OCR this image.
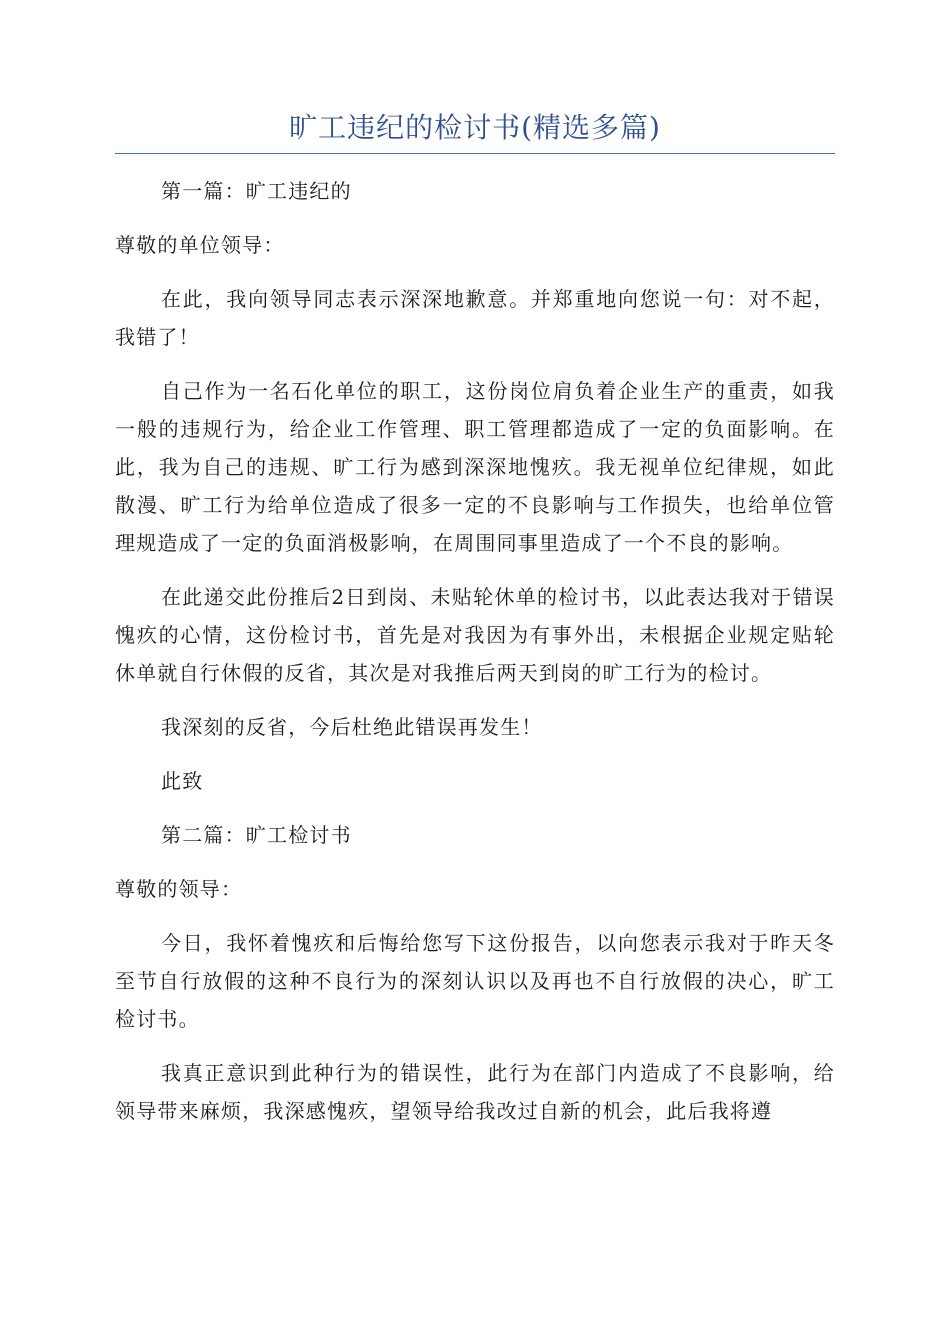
旷工违纪的检讨书(精选多篇)

第一篇：旷工违纪的

尊敬的单位领导：

在此，我向领导同志表示深深地歉意。并郑重地向您说一句：对不起，我错了！

自己作为一名石化单位的职工，这份岗位肩负着企业生产的重责，如我一般的违规行为，给企业工作管理、职工管理都造成了一定的负面影响。在此，我为自己的违规、旷工行为感到深深地愧疚。我无视单位纪律规，如此散漫、旷工行为给单位造成了很多一定的不良影响与工作损失，也给单位管理规造成了一定的负面消极影响，在周围同事里造成了一个不良的影响。

在此递交此份推后2日到岗、未贴轮休单的检讨书，以此表达我对于错误愧疚的心情，这份检讨书，首先是对我因为有事外出，未根据企业规定贴轮休单就自行休假的反省，其次是对我推后两天到岗的旷工行为的检讨。

我深刻的反省，今后杜绝此错误再发生！

此致

第二篇：旷工检讨书

尊敬的领导：

今日，我怀着愧疚和后悔给您写下这份报告，以向您表示我对于昨天冬至节自行放假的这种不良行为的深刻认识以及再也不自行放假的决心，旷工检讨书。

我真正意识到此种行为的错误性，此行为在部门内造成了不良影响，给领导带来麻烦，我深感愧疚，望领导给我改过自新的机会，此后我将遵
